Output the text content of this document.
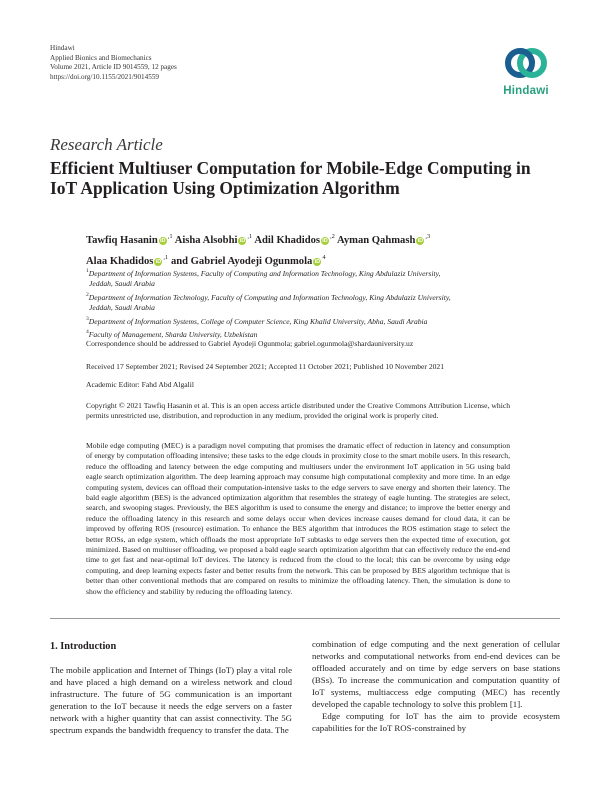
Hindawi
Applied Bionics and Biomechanics
Volume 2021, Article ID 9014559, 12 pages
https://doi.org/10.1155/2021/9014559
Hindawi
Research Article
Efficient Multiuser Computation for Mobile-Edge Computing in IoT Application Using Optimization Algorithm
Tawfiq Hasanin $iD^{,1}$ Aisha Alsobhi $iD^{,1}$ Adil Khadidos $iD^{,2}$ Ayman Qahmash $iD^{,3}$
Alaa Khadidos $iD^{,1}$ and Gabriel Ayodeji Ogunmola $iD^4$
$^1$Department of Information Systems, Faculty of Computing and Information Technology, King Abdulaziz University,
Jeddah, Saudi Arabia
$^2$Department of Information Technology, Faculty of Computing and Information Technology, King Abdulaziz University,
Jeddah, Saudi Arabia
$^3$Department of Information Systems, College of Computer Science, King Khalid University, Abha, Saudi Arabia
$^4$Faculty of Management, Sharda University, Uzbekistan
Correspondence should be addressed to Gabriel Ayodeji Ogunmola; gabriel.ogunmola@shardauniversity.uz
Received 17 September 2021; Revised 24 September 2021; Accepted 11 October 2021; Published 10 November 2021
Academic Editor: Fahd Abd Algalil
Copyright © 2021 Tawfiq Hasanin et al. This is an open access article distributed under the Creative Commons Attribution License, which permits unrestricted use, distribution, and reproduction in any medium, provided the original work is properly cited.
Mobile edge computing (MEC) is a paradigm novel computing that promises the dramatic effect of reduction in latency and consumption of energy by computation offloading intensive; these tasks to the edge clouds in proximity close to the smart mobile users. In this research, reduce the offloading and latency between the edge computing and multiusers under the environment IoT application in 5G using bald eagle search optimization algorithm. The deep learning approach may consume high computational complexity and more time. In an edge computing system, devices can offload their computation-intensive tasks to the edge servers to save energy and shorten their latency. The bald eagle algorithm (BES) is the advanced optimization algorithm that resembles the strategy of eagle hunting. The strategies are select, search, and swooping stages. Previously, the BES algorithm is used to consume the energy and distance; to improve the better energy and reduce the offloading latency in this research and some delays occur when devices increase causes demand for cloud data, it can be improved by offering ROS (resource) estimation. To enhance the BES algorithm that introduces the ROS estimation stage to select the better ROSs, an edge system, which offloads the most appropriate IoT subtasks to edge servers then the expected time of execution, got minimized. Based on multiuser offloading, we proposed a bald eagle search optimization algorithm that can effectively reduce the end-end time to get fast and near-optimal IoT devices. The latency is reduced from the cloud to the local; this can be overcome by using edge computing, and deep learning expects faster and better results from the network. This can be proposed by BES algorithm technique that is better than other conventional methods that are compared on results to minimize the offloading latency. Then, the simulation is done to show the efficiency and stability by reducing the offloading latency.
1. Introduction
The mobile application and Internet of Things (IoT) play a vital role and have placed a high demand on a wireless network and cloud infrastructure. The future of 5G communication is an important generation to the IoT because it needs the edge servers on a faster network with a higher quantity that can assist connectivity. The 5G spectrum expands the bandwidth frequency to transfer the data. The
combination of edge computing and the next generation of cellular networks and computational networks from end-end devices can be offloaded accurately and on time by edge servers on base stations (BSs). To increase the communication and computation quantity of IoT systems, multiaccess edge computing (MEC) has recently developed the capable technology to solve this problem [1].
Edge computing for IoT has the aim to provide ecosystem capabilities for the IoT ROS-constrained by
